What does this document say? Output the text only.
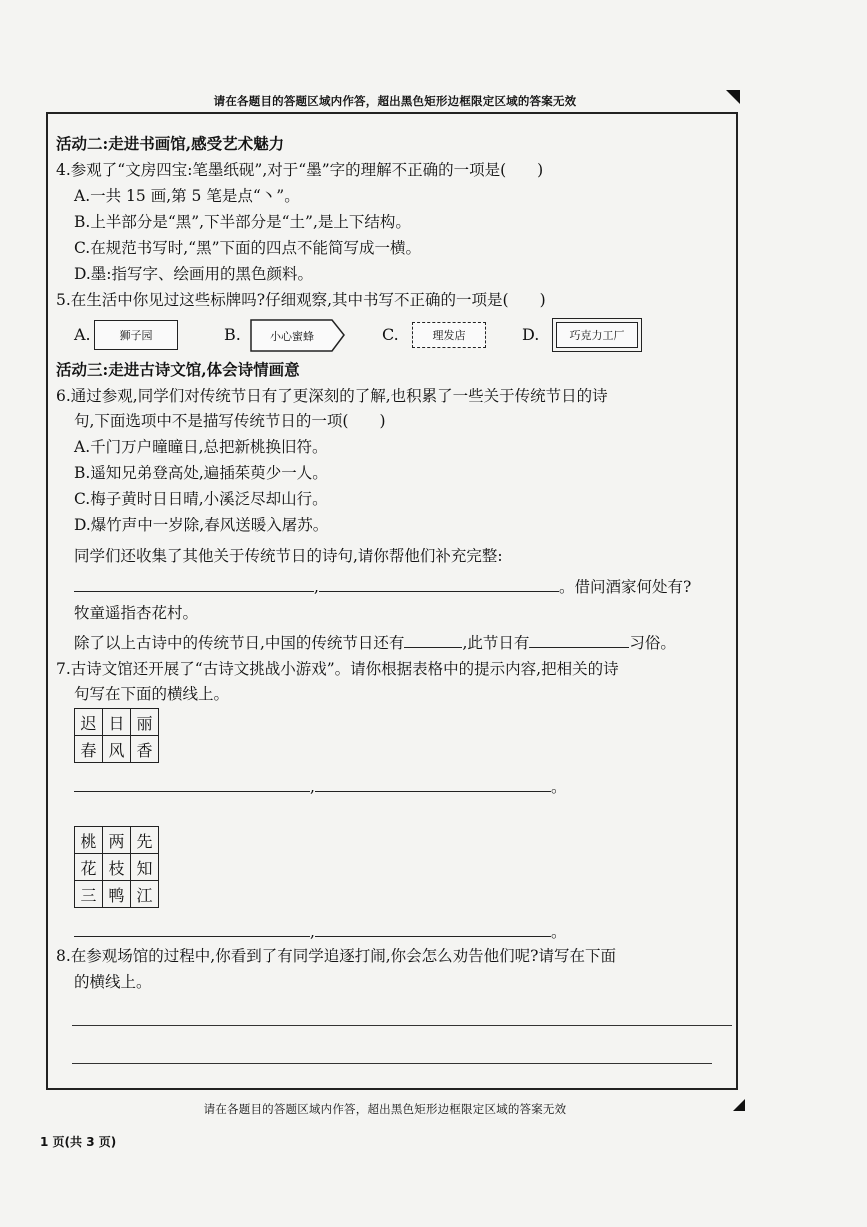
请在各题目的答题区域内作答，超出黑色矩形边框限定区域的答案无效
活动二:走进书画馆,感受艺术魅力
4.参观了“文房四宝:笔墨纸砚”,对于“墨”字的理解不正确的一项是(　　)
A.一共 15 画,第 5 笔是点“丶”。
B.上半部分是“黑”,下半部分是“土”,是上下结构。
C.在规范书写时,“黑”下面的四点不能简写成一横。
D.墨:指写字、绘画用的黑色颜料。
5.在生活中你见过这些标牌吗?仔细观察,其中书写不正确的一项是(　　)
A.	狮子园	B.	小心蜜蜂	C.	理发店	D.	巧克力工厂
活动三:走进古诗文馆,体会诗情画意
6.通过参观,同学们对传统节日有了更深刻的了解,也积累了一些关于传统节日的诗
句,下面选项中不是描写传统节日的一项(　　)
A.千门万户曈曈日,总把新桃换旧符。
B.遥知兄弟登高处,遍插茱萸少一人。
C.梅子黄时日日晴,小溪泛尽却山行。
D.爆竹声中一岁除,春风送暖入屠苏。
同学们还收集了其他关于传统节日的诗句,请你帮他们补充完整:
,	。借问酒家何处有?
牧童遥指杏花村。
除了以上古诗中的传统节日,中国的传统节日还有	,此节日有	习俗。
7.古诗文馆还开展了“古诗文挑战小游戏”。请你根据表格中的提示内容,把相关的诗
句写在下面的横线上。
迟	日	丽
春	风	香
,	。
桃	两	先
花	枝	知
三	鸭	江
,	。
8.在参观场馆的过程中,你看到了有同学追逐打闹,你会怎么劝告他们呢?请写在下面
的横线上。
请在各题目的答题区域内作答，超出黑色矩形边框限定区域的答案无效
1 页(共 3 页)
